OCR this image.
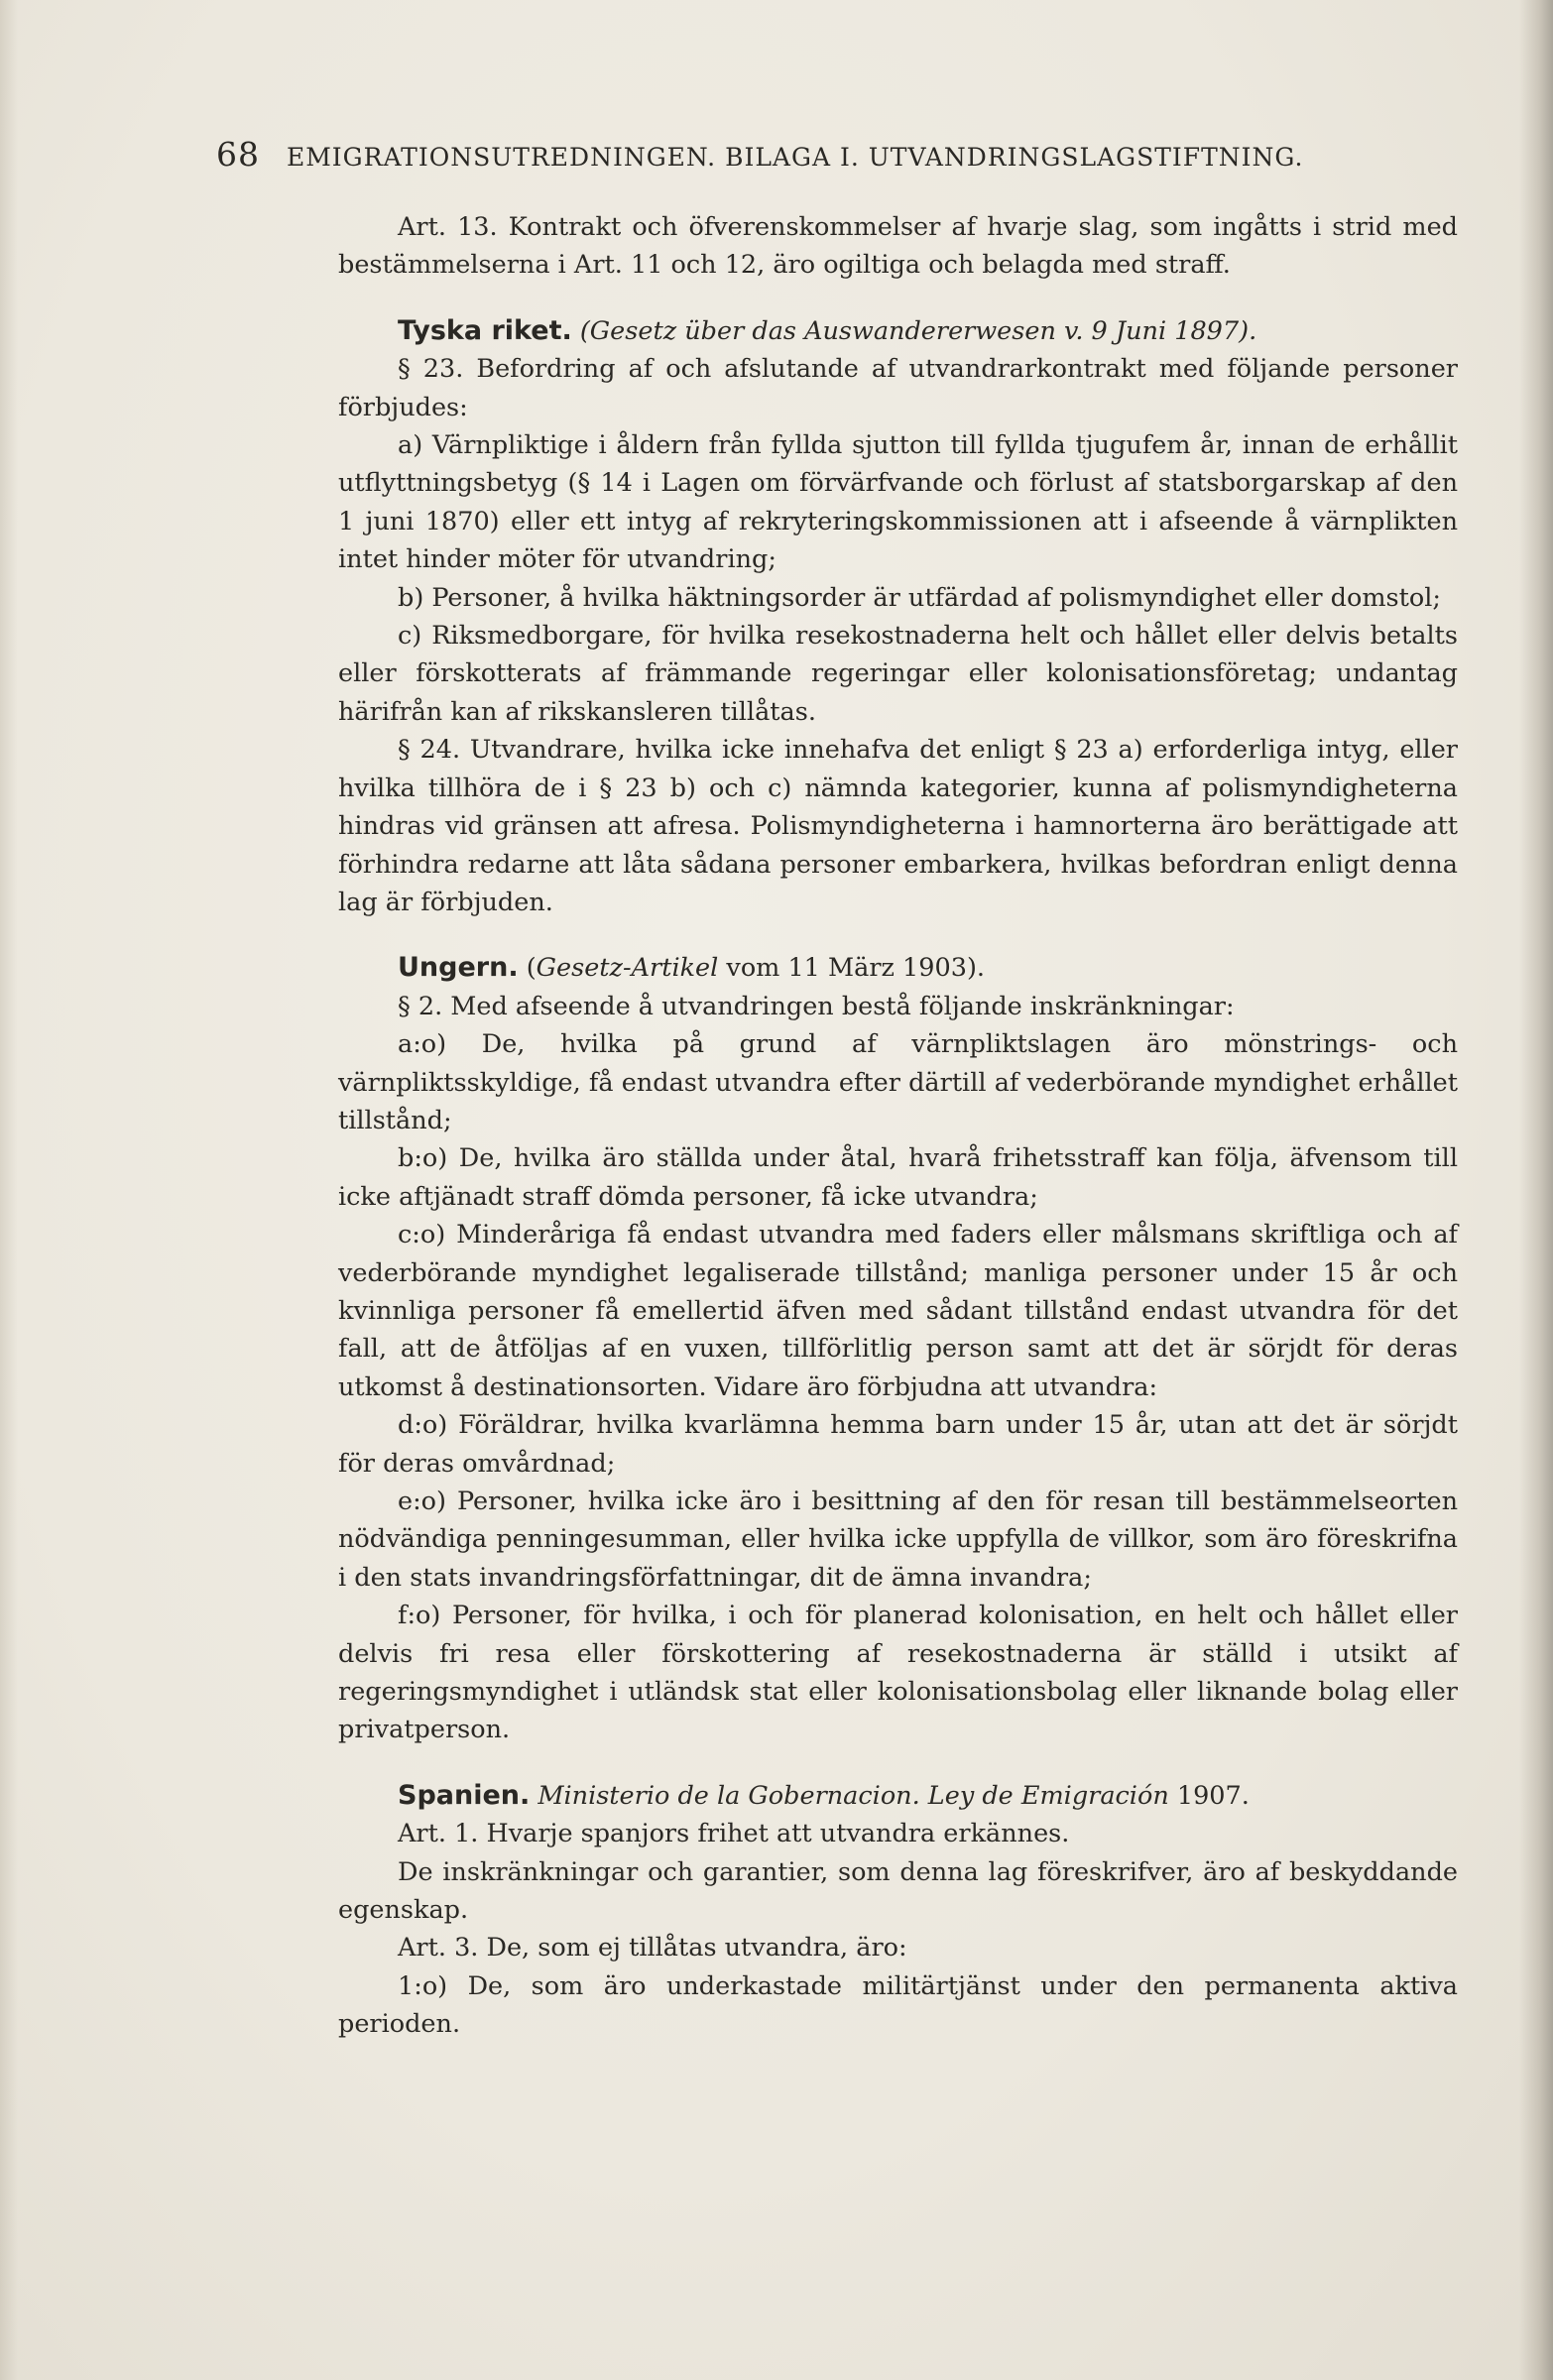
68 EMIGRATIONSUTREDNINGEN. BILAGA I. UTVANDRINGSLAGSTIFTNING.

Art. 13. Kontrakt och öfverenskommelser af hvarje slag, som ingåtts i strid med bestämmelserna i Art. 11 och 12, äro ogiltiga och belagda med straff.

Tyska riket. (Gesetz über das Auswandererwesen v. 9 Juni 1897).

§ 23. Befordring af och afslutande af utvandrarkontrakt med följande personer förbjudes:

a) Värnpliktige i åldern från fyllda sjutton till fyllda tjugufem år, innan de erhållit utflyttningsbetyg (§ 14 i Lagen om förvärfvande och förlust af statsborgarskap af den 1 juni 1870) eller ett intyg af rekryteringskommissionen att i afseende å värnplikten intet hinder möter för utvandring;

b) Personer, å hvilka häktningsorder är utfärdad af polismyndighet eller domstol;

c) Riksmedborgare, för hvilka resekostnaderna helt och hållet eller delvis betalts eller förskotterats af främmande regeringar eller kolonisationsföretag; undantag härifrån kan af rikskansleren tillåtas.

§ 24. Utvandrare, hvilka icke innehafva det enligt § 23 a) erforderliga intyg, eller hvilka tillhöra de i § 23 b) och c) nämnda kategorier, kunna af polismyndigheterna hindras vid gränsen att afresa. Polismyndigheterna i hamnorterna äro berättigade att förhindra redarne att låta sådana personer embarkera, hvilkas befordran enligt denna lag är förbjuden.

Ungern. (Gesetz-Artikel vom 11 März 1903).

§ 2. Med afseende å utvandringen bestå följande inskränkningar:

a:o) De, hvilka på grund af värnpliktslagen äro mönstrings- och värnpliktsskyldige, få endast utvandra efter därtill af vederbörande myndighet erhållet tillstånd;

b:o) De, hvilka äro ställda under åtal, hvarå frihetsstraff kan följa, äfvensom till icke aftjänadt straff dömda personer, få icke utvandra;

c:o) Minderåriga få endast utvandra med faders eller målsmans skriftliga och af vederbörande myndighet legaliserade tillstånd; manliga personer under 15 år och kvinnliga personer få emellertid äfven med sådant tillstånd endast utvandra för det fall, att de åtföljas af en vuxen, tillförlitlig person samt att det är sörjdt för deras utkomst å destinationsorten. Vidare äro förbjudna att utvandra:

d:o) Föräldrar, hvilka kvarlämna hemma barn under 15 år, utan att det är sörjdt för deras omvårdnad;

e:o) Personer, hvilka icke äro i besittning af den för resan till bestämmelseorten nödvändiga penningesumman, eller hvilka icke uppfylla de villkor, som äro föreskrifna i den stats invandringsförfattningar, dit de ämna invandra;

f:o) Personer, för hvilka, i och för planerad kolonisation, en helt och hållet eller delvis fri resa eller förskottering af resekostnaderna är ställd i utsikt af regeringsmyndighet i utländsk stat eller kolonisationsbolag eller liknande bolag eller privatperson.

Spanien. Ministerio de la Gobernacion. Ley de Emigración 1907.

Art. 1. Hvarje spanjors frihet att utvandra erkännes.

De inskränkningar och garantier, som denna lag föreskrifver, äro af beskyddande egenskap.

Art. 3. De, som ej tillåtas utvandra, äro:

1:o) De, som äro underkastade militärtjänst under den permanenta aktiva perioden.
